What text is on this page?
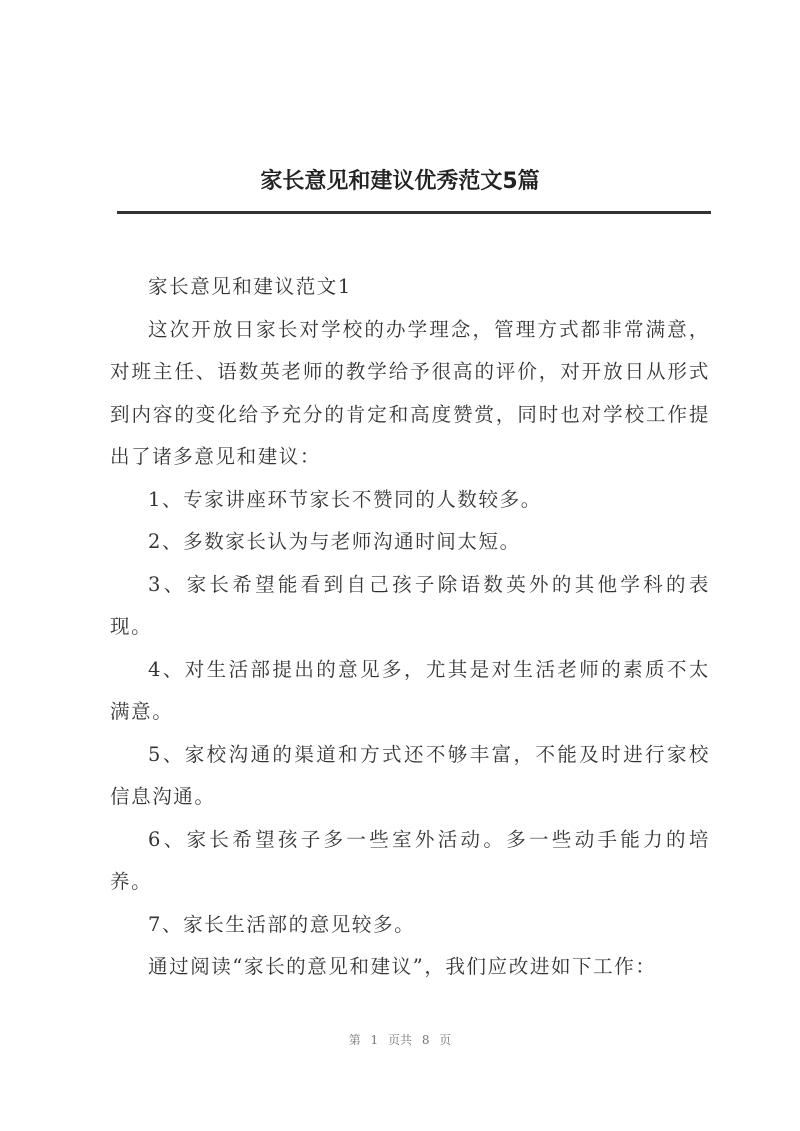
家长意见和建议优秀范文5篇
家长意见和建议范文1
这次开放日家长对学校的办学理念，管理方式都非常满意，
对班主任、语数英老师的教学给予很高的评价，对开放日从形式
到内容的变化给予充分的肯定和高度赞赏，同时也对学校工作提
出了诸多意见和建议：
1、专家讲座环节家长不赞同的人数较多。
2、多数家长认为与老师沟通时间太短。
3、家长希望能看到自己孩子除语数英外的其他学科的表
现。
4、对生活部提出的意见多，尤其是对生活老师的素质不太
满意。
5、家校沟通的渠道和方式还不够丰富，不能及时进行家校
信息沟通。
6、家长希望孩子多一些室外活动。多一些动手能力的培
养。
7、家长生活部的意见较多。
通过阅读“家长的意见和建议”，我们应改进如下工作：
第 1 页共 8 页
